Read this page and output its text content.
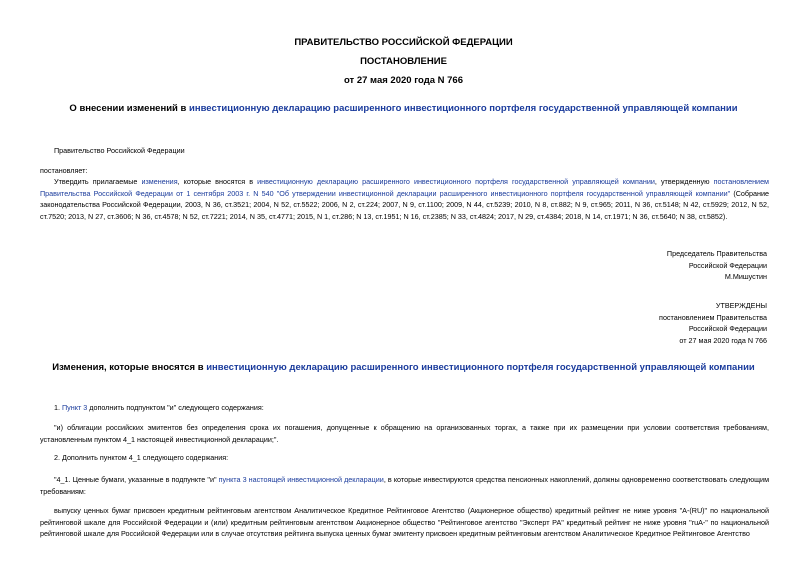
ПРАВИТЕЛЬСТВО РОССИЙСКОЙ ФЕДЕРАЦИИ
ПОСТАНОВЛЕНИЕ
от 27 мая 2020 года N 766
О внесении изменений в инвестиционную декларацию расширенного инвестиционного портфеля государственной управляющей компании
Правительство Российской Федерации
постановляет:
Утвердить прилагаемые изменения, которые вносятся в инвестиционную декларацию расширенного инвестиционного портфеля государственной управляющей компании, утвержденную постановлением Правительства Российской Федерации от 1 сентября 2003 г. N 540 "Об утверждении инвестиционной декларации расширенного инвестиционного портфеля государственной управляющей компании" (Собрание законодательства Российской Федерации, 2003, N 36, ст.3521; 2004, N 52, ст.5522; 2006, N 2, ст.224; 2007, N 9, ст.1100; 2009, N 44, ст.5239; 2010, N 8, ст.882; N 9, ст.965; 2011, N 36, ст.5148; N 42, ст.5929; 2012, N 52, ст.7520; 2013, N 27, ст.3606; N 36, ст.4578; N 52, ст.7221; 2014, N 35, ст.4771; 2015, N 1, ст.286; N 13, ст.1951; N 16, ст.2385; N 33, ст.4824; 2017, N 29, ст.4384; 2018, N 14, ст.1971; N 36, ст.5640; N 38, ст.5852).
Председатель Правительства
Российской Федерации
М.Мишустин
УТВЕРЖДЕНЫ
постановлением Правительства
Российской Федерации
от 27 мая 2020 года N 766
Изменения, которые вносятся в инвестиционную декларацию расширенного инвестиционного портфеля государственной управляющей компании
1. Пункт 3 дополнить подпунктом "и" следующего содержания:
"и) облигации российских эмитентов без определения срока их погашения, допущенные к обращению на организованных торгах, а также при их размещении при условии соответствия требованиям, установленным пунктом 4_1 настоящей инвестиционной декларации;".
2. Дополнить пунктом 4_1 следующего содержания:
"4_1. Ценные бумаги, указанные в подпункте "и" пункта 3 настоящей инвестиционной декларации, в которые инвестируются средства пенсионных накоплений, должны одновременно соответствовать следующим требованиям:
выпуску ценных бумаг присвоен кредитным рейтинговым агентством Аналитическое Кредитное Рейтинговое Агентство (Акционерное общество) кредитный рейтинг не ниже уровня "A-(RU)" по национальной рейтинговой шкале для Российской Федерации и (или) кредитным рейтинговым агентством Акционерное общество "Рейтинговое агентство "Эксперт РА" кредитный рейтинг не ниже уровня "ruA-" по национальной рейтинговой шкале для Российской Федерации или в случае отсутствия рейтинга выпуска ценных бумаг эмитенту присвоен кредитным рейтинговым агентством Аналитическое Кредитное Рейтинговое Агентство
